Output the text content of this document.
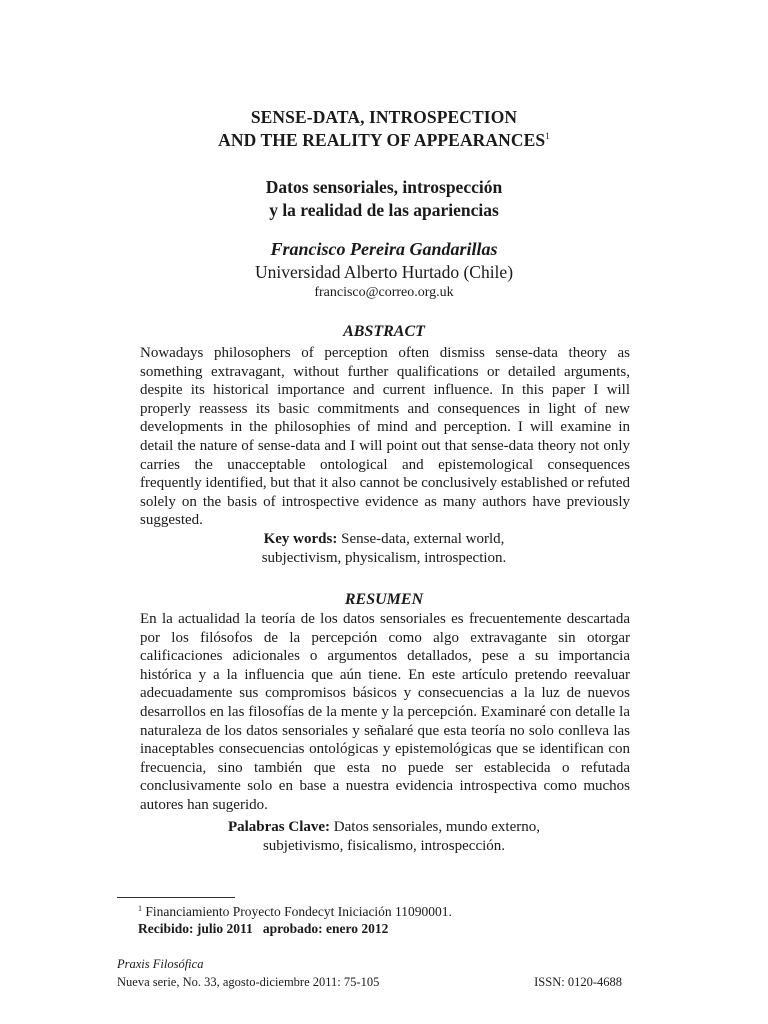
SENSE-DATA, INTROSPECTION
AND THE REALITY OF APPEARANCES$^1$
Datos sensoriales, introspección
y la realidad de las apariencias
Francisco Pereira Gandarillas
Universidad Alberto Hurtado (Chile)
francisco@correo.org.uk
ABSTRACT
Nowadays philosophers of perception often dismiss sense-data theory as something extravagant, without further qualifications or detailed arguments, despite its historical importance and current influence. In this paper I will properly reassess its basic commitments and consequences in light of new developments in the philosophies of mind and perception. I will examine in detail the nature of sense-data and I will point out that sense-data theory not only carries the unacceptable ontological and epistemological consequences frequently identified, but that it also cannot be conclusively established or refuted solely on the basis of introspective evidence as many authors have previously suggested.
Key words: Sense-data, external world,
subjectivism, physicalism, introspection.
RESUMEN
En la actualidad la teoría de los datos sensoriales es frecuentemente descartada por los filósofos de la percepción como algo extravagante sin otorgar calificaciones adicionales o argumentos detallados, pese a su importancia histórica y a la influencia que aún tiene. En este artículo pretendo reevaluar adecuadamente sus compromisos básicos y consecuencias a la luz de nuevos desarrollos en las filosofías de la mente y la percepción. Examinaré con detalle la naturaleza de los datos sensoriales y señalaré que esta teoría no solo conlleva las inaceptables consecuencias ontológicas y epistemológicas que se identifican con frecuencia, sino también que esta no puede ser establecida o refutada conclusivamente solo en base a nuestra evidencia introspectiva como muchos autores han sugerido.
Palabras Clave: Datos sensoriales, mundo externo,
subjetivismo, fisicalismo, introspección.
$^1$ Financiamiento Proyecto Fondecyt Iniciación 11090001.
Recibido: julio 2011   aprobado: enero 2012
Praxis Filosófica
Nueva serie, No. 33, agosto-diciembre 2011: 75-105	ISSN: 0120-4688
